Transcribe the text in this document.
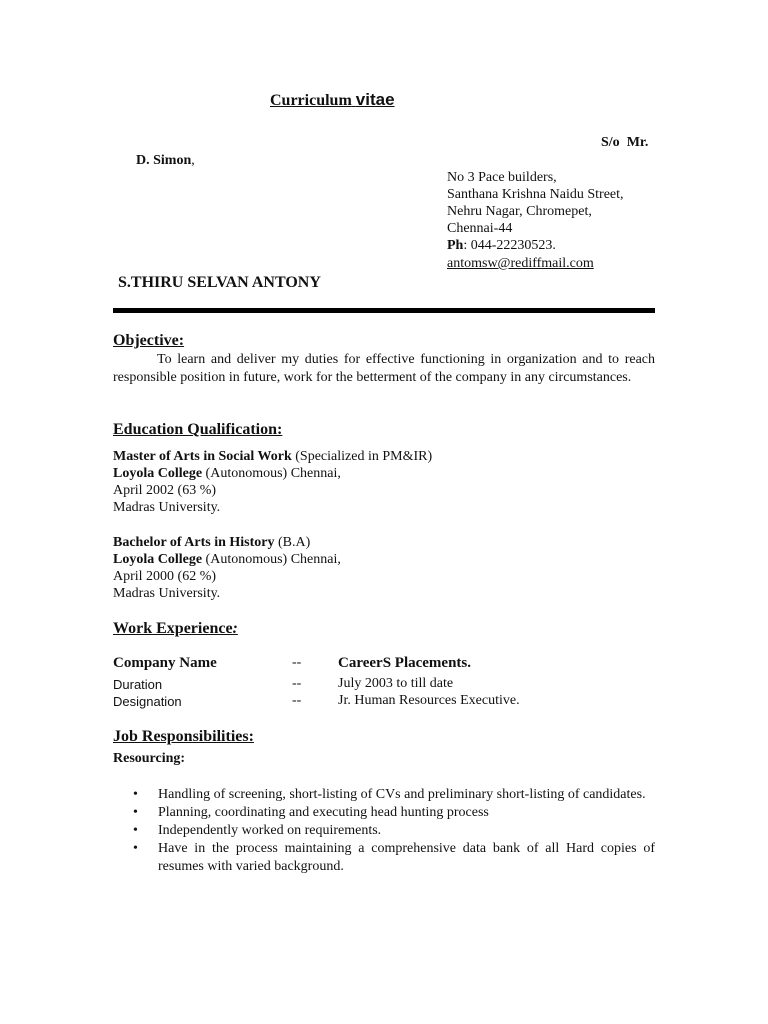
Curriculum vitae
S/o Mr.
D. Simon,
No 3 Pace builders,
Santhana Krishna Naidu Street,
Nehru Nagar, Chromepet,
Chennai-44
Ph: 044-22230523.
antomsw@rediffmail.com
S.THIRU SELVAN ANTONY
Objective:
To learn and deliver my duties for effective functioning in organization and to reach responsible position in future, work for the betterment of the company in any circumstances.
Education Qualification:
Master of Arts in Social Work (Specialized in PM&IR)
Loyola College (Autonomous) Chennai,
April 2002 (63 %)
Madras University.
Bachelor of Arts in History (B.A)
Loyola College (Autonomous) Chennai,
April 2000 (62 %)
Madras University.
Work Experience:
Company Name	-- CareerS Placements.
Duration	--	July 2003 to till date
Designation	--	Jr. Human Resources Executive.
Job Responsibilities:
Resourcing:
• Handling of screening, short-listing of CVs and preliminary short-listing of candidates.
• Planning, coordinating and executing head hunting process
• Independently worked on requirements.
• Have in the process maintaining a comprehensive data bank of all Hard copies of resumes with varied background.
